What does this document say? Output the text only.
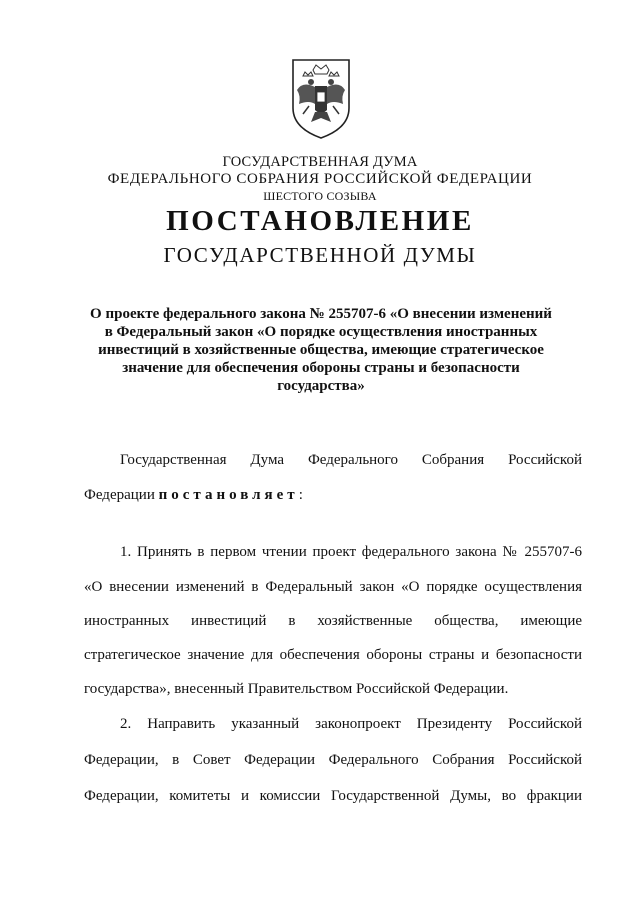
ГОСУДАРСТВЕННАЯ ДУМА
ФЕДЕРАЛЬНОГО СОБРАНИЯ РОССИЙСКОЙ ФЕДЕРАЦИИ
ШЕСТОГО СОЗЫВА
ПОСТАНОВЛЕНИЕ
ГОСУДАРСТВЕННОЙ ДУМЫ
О проекте федерального закона № 255707-6 «О внесении изменений в Федеральный закон «О порядке осуществления иностранных инвестиций в хозяйственные общества, имеющие стратегическое значение для обеспечения обороны страны и безопасности государства»
Государственная Дума Федерального Собрания Российской
Федерации постановляет:
1. Принять в первом чтении проект федерального закона № 255707-6
«О внесении изменений в Федеральный закон «О порядке осуществления
иностранных инвестиций в хозяйственные общества, имеющие
стратегическое значение для обеспечения обороны страны и безопасности
государства», внесенный Правительством Российской Федерации.
2. Направить указанный законопроект Президенту Российской
Федерации, в Совет Федерации Федерального Собрания Российской
Федерации, комитеты и комиссии Государственной Думы, во фракции
